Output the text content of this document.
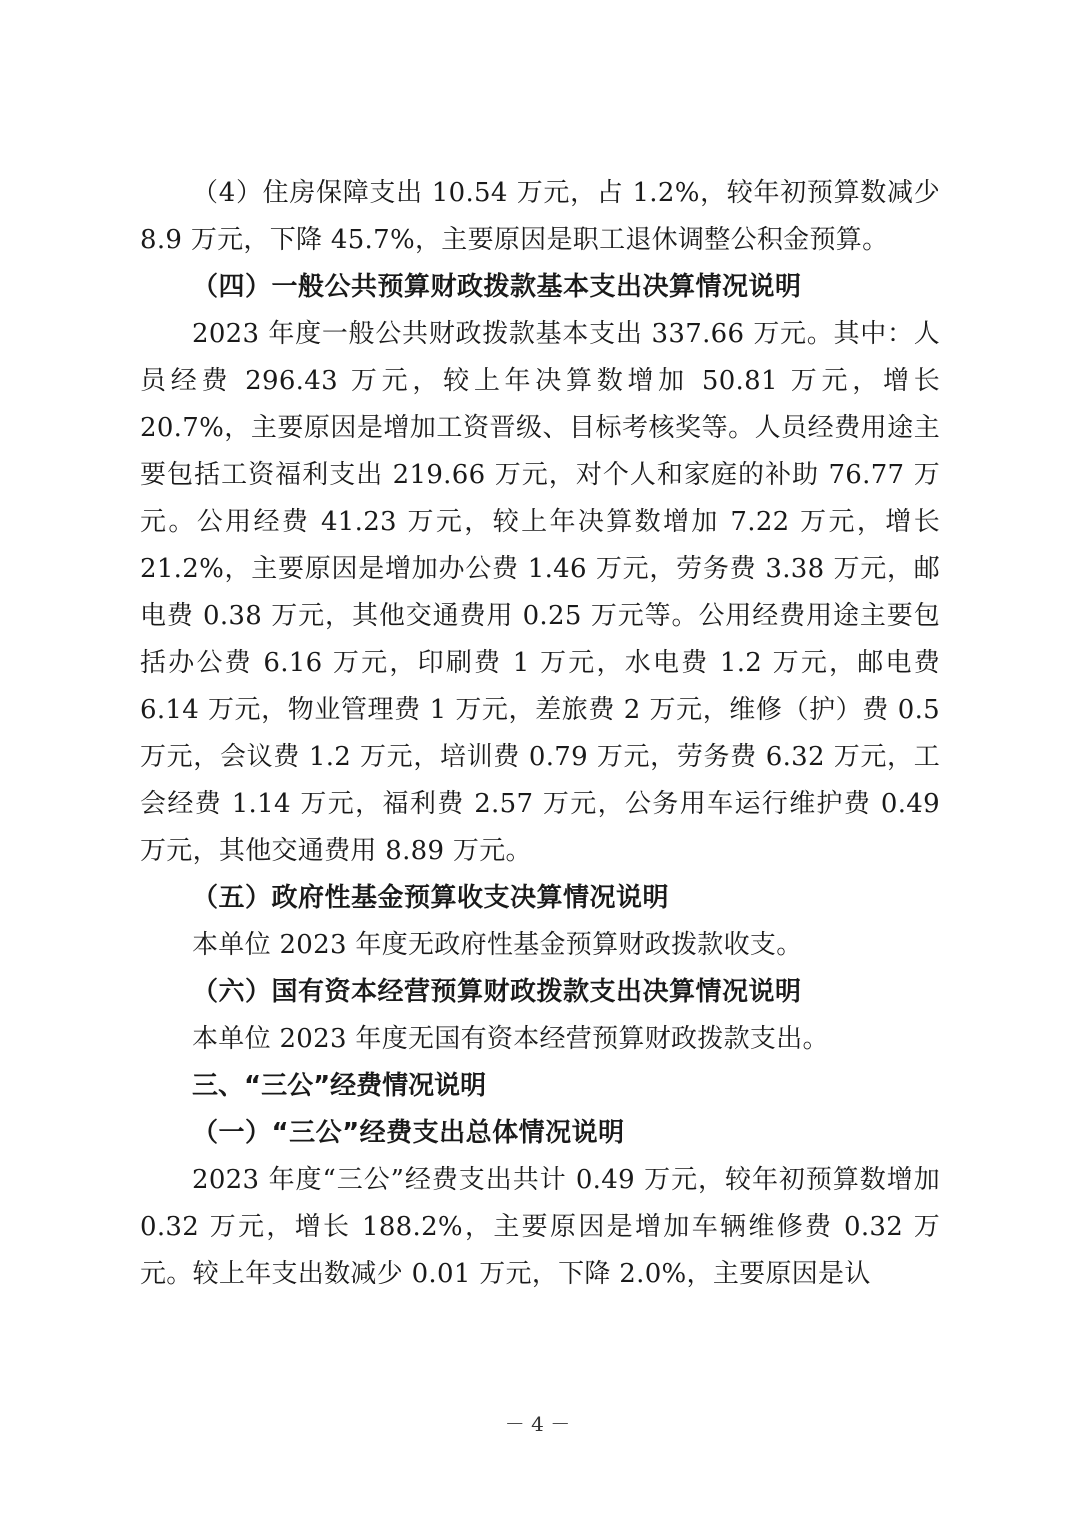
（4）住房保障支出 10.54 万元，占 1.2%，较年初预算数减少 8.9 万元，下降 45.7%，主要原因是职工退休调整公积金预算。

（四）一般公共预算财政拨款基本支出决算情况说明

2023 年度一般公共财政拨款基本支出 337.66 万元。其中：人员经费 296.43 万元，较上年决算数增加 50.81 万元，增长 20.7%，主要原因是增加工资晋级、目标考核奖等。人员经费用途主要包括工资福利支出 219.66 万元，对个人和家庭的补助 76.77 万元。公用经费 41.23 万元，较上年决算数增加 7.22 万元，增长 21.2%，主要原因是增加办公费 1.46 万元，劳务费 3.38 万元，邮电费 0.38 万元，其他交通费用 0.25 万元等。公用经费用途主要包括办公费 6.16 万元，印刷费 1 万元，水电费 1.2 万元，邮电费 6.14 万元，物业管理费 1 万元，差旅费 2 万元，维修（护）费 0.5 万元，会议费 1.2 万元，培训费 0.79 万元，劳务费 6.32 万元，工会经费 1.14 万元，福利费 2.57 万元，公务用车运行维护费 0.49 万元，其他交通费用 8.89 万元。

（五）政府性基金预算收支决算情况说明

本单位 2023 年度无政府性基金预算财政拨款收支。

（六）国有资本经营预算财政拨款支出决算情况说明

本单位 2023 年度无国有资本经营预算财政拨款支出。

三、“三公”经费情况说明

（一）“三公”经费支出总体情况说明

2023 年度“三公”经费支出共计 0.49 万元，较年初预算数增加 0.32 万元，增长 188.2%，主要原因是增加车辆维修费 0.32 万元。较上年支出数减少 0.01 万元，下降 2.0%，主要原因是认

－ 4 －
